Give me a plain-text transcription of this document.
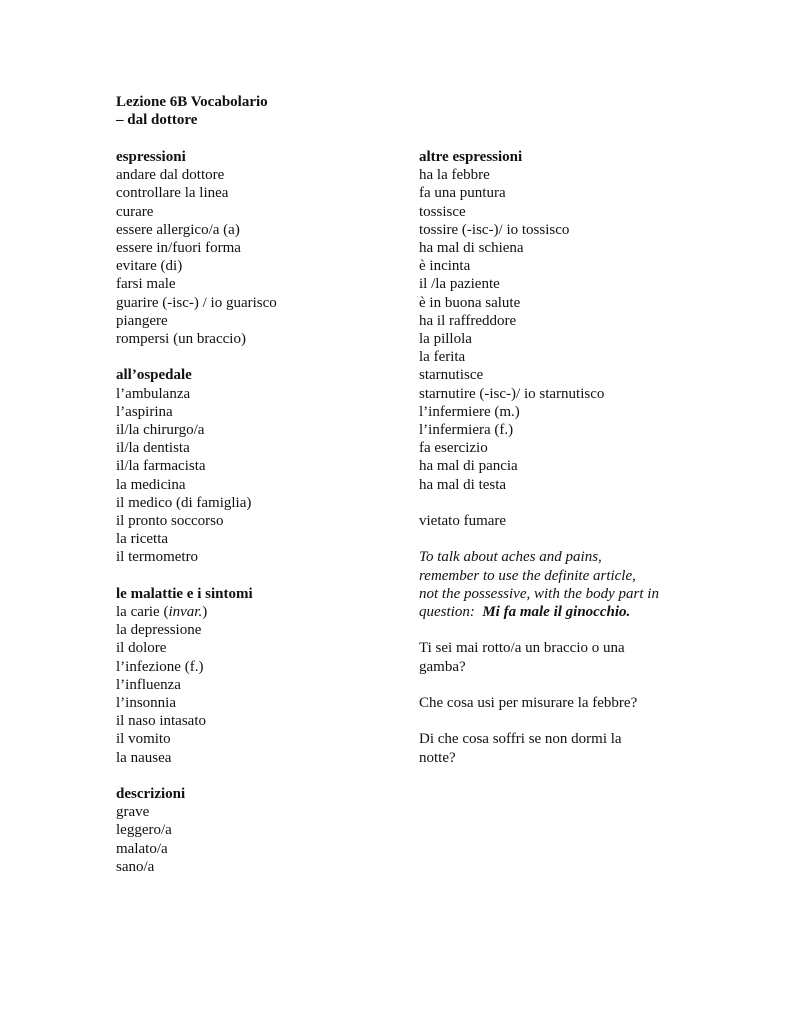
Lezione 6B Vocabolario
– dal dottore
espressioni
andare dal dottore
controllare la linea
curare
essere allergico/a (a)
essere in/fuori forma
evitare (di)
farsi male
guarire (-isc-) / io guarisco
piangere
rompersi (un braccio)
all’ospedale
l’ambulanza
l’aspirina
il/la chirurgo/a
il/la dentista
il/la farmacista
la medicina
il medico (di famiglia)
il pronto soccorso
la ricetta
il termometro
le malattie e i sintomi
la carie (invar.)
la depressione
il dolore
l’infezione (f.)
l’influenza
l’insonnia
il naso intasato
il vomito
la nausea
descrizioni
grave
leggero/a
malato/a
sano/a
altre espressioni
ha la febbre
fa una puntura
tossisce
tossire (-isc-)/ io tossisco
ha mal di schiena
è incinta
il /la paziente
è in buona salute
ha il raffreddore
la pillola
la ferita
starnutisce
starnutire (-isc-)/ io starnutisco
l’infermiere (m.)
l’infermiera (f.)
fa esercizio
ha mal di pancia
ha mal di testa
vietato fumare
To talk about aches and pains,
remember to use the definite article,
not the possessive, with the body part in
question:  Mi fa male il ginocchio.
Ti sei mai rotto/a un braccio o una
gamba?
Che cosa usi per misurare la febbre?
Di che cosa soffri se non dormi la
notte?
